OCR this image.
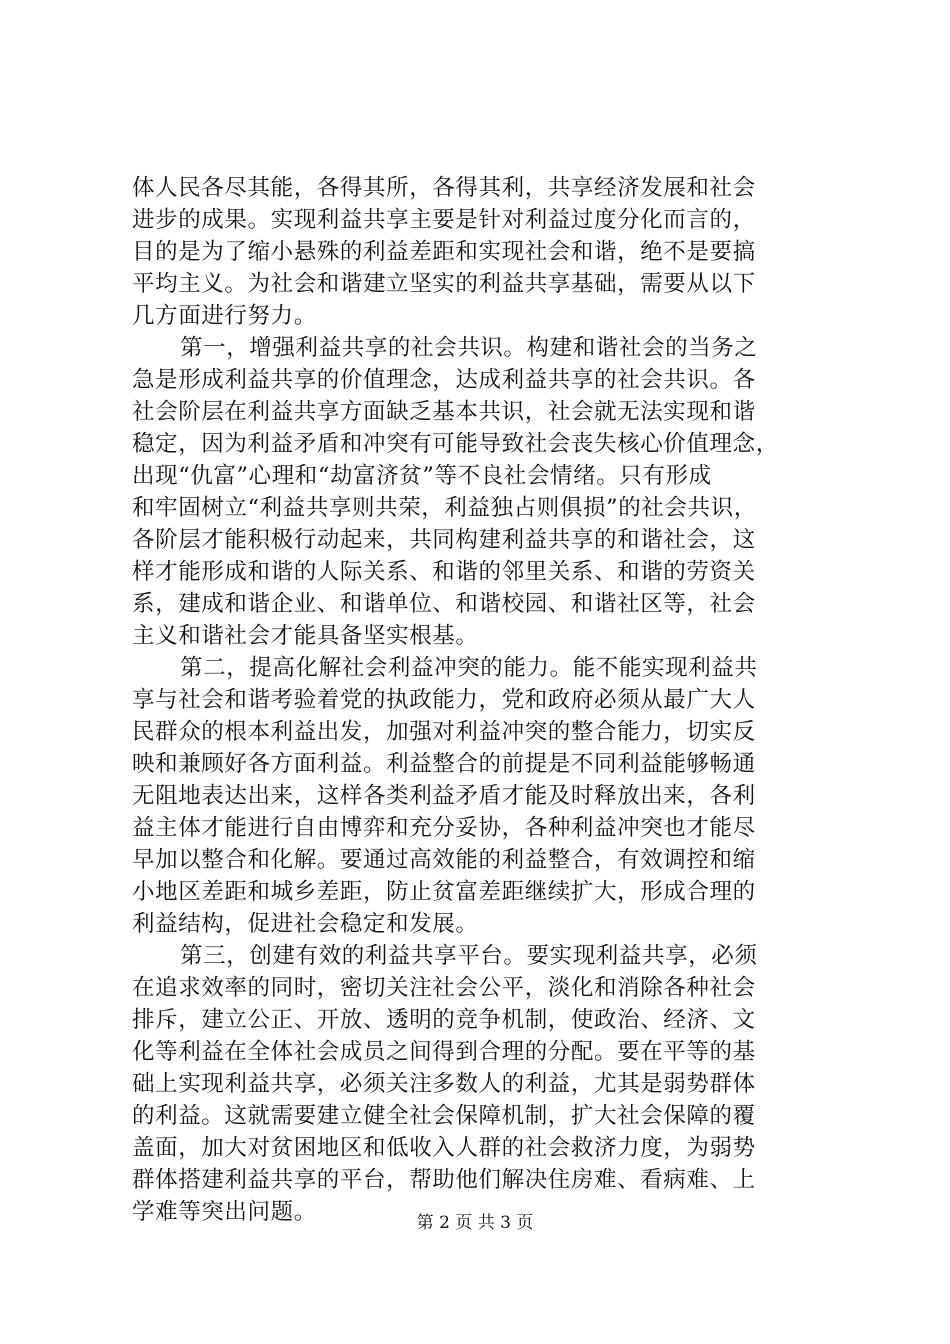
体人民各尽其能，各得其所，各得其利，共享经济发展和社会
进步的成果。实现利益共享主要是针对利益过度分化而言的，
目的是为了缩小悬殊的利益差距和实现社会和谐，绝不是要搞
平均主义。为社会和谐建立坚实的利益共享基础，需要从以下
几方面进行努力。
第一，增强利益共享的社会共识。构建和谐社会的当务之
急是形成利益共享的价值理念，达成利益共享的社会共识。各
社会阶层在利益共享方面缺乏基本共识，社会就无法实现和谐
稳定，因为利益矛盾和冲突有可能导致社会丧失核心价值理念，
出现“仇富”心理和“劫富济贫”等不良社会情绪。只有形成
和牢固树立“利益共享则共荣，利益独占则俱损”的社会共识，
各阶层才能积极行动起来，共同构建利益共享的和谐社会，这
样才能形成和谐的人际关系、和谐的邻里关系、和谐的劳资关
系，建成和谐企业、和谐单位、和谐校园、和谐社区等，社会
主义和谐社会才能具备坚实根基。
第二，提高化解社会利益冲突的能力。能不能实现利益共
享与社会和谐考验着党的执政能力，党和政府必须从最广大人
民群众的根本利益出发，加强对利益冲突的整合能力，切实反
映和兼顾好各方面利益。利益整合的前提是不同利益能够畅通
无阻地表达出来，这样各类利益矛盾才能及时释放出来，各利
益主体才能进行自由博弈和充分妥协，各种利益冲突也才能尽
早加以整合和化解。要通过高效能的利益整合，有效调控和缩
小地区差距和城乡差距，防止贫富差距继续扩大，形成合理的
利益结构，促进社会稳定和发展。
第三，创建有效的利益共享平台。要实现利益共享，必须
在追求效率的同时，密切关注社会公平，淡化和消除各种社会
排斥，建立公正、开放、透明的竞争机制，使政治、经济、文
化等利益在全体社会成员之间得到合理的分配。要在平等的基
础上实现利益共享，必须关注多数人的利益，尤其是弱势群体
的利益。这就需要建立健全社会保障机制，扩大社会保障的覆
盖面，加大对贫困地区和低收入人群的社会救济力度，为弱势
群体搭建利益共享的平台，帮助他们解决住房难、看病难、上
学难等突出问题。	第 2 页 共 3 页
